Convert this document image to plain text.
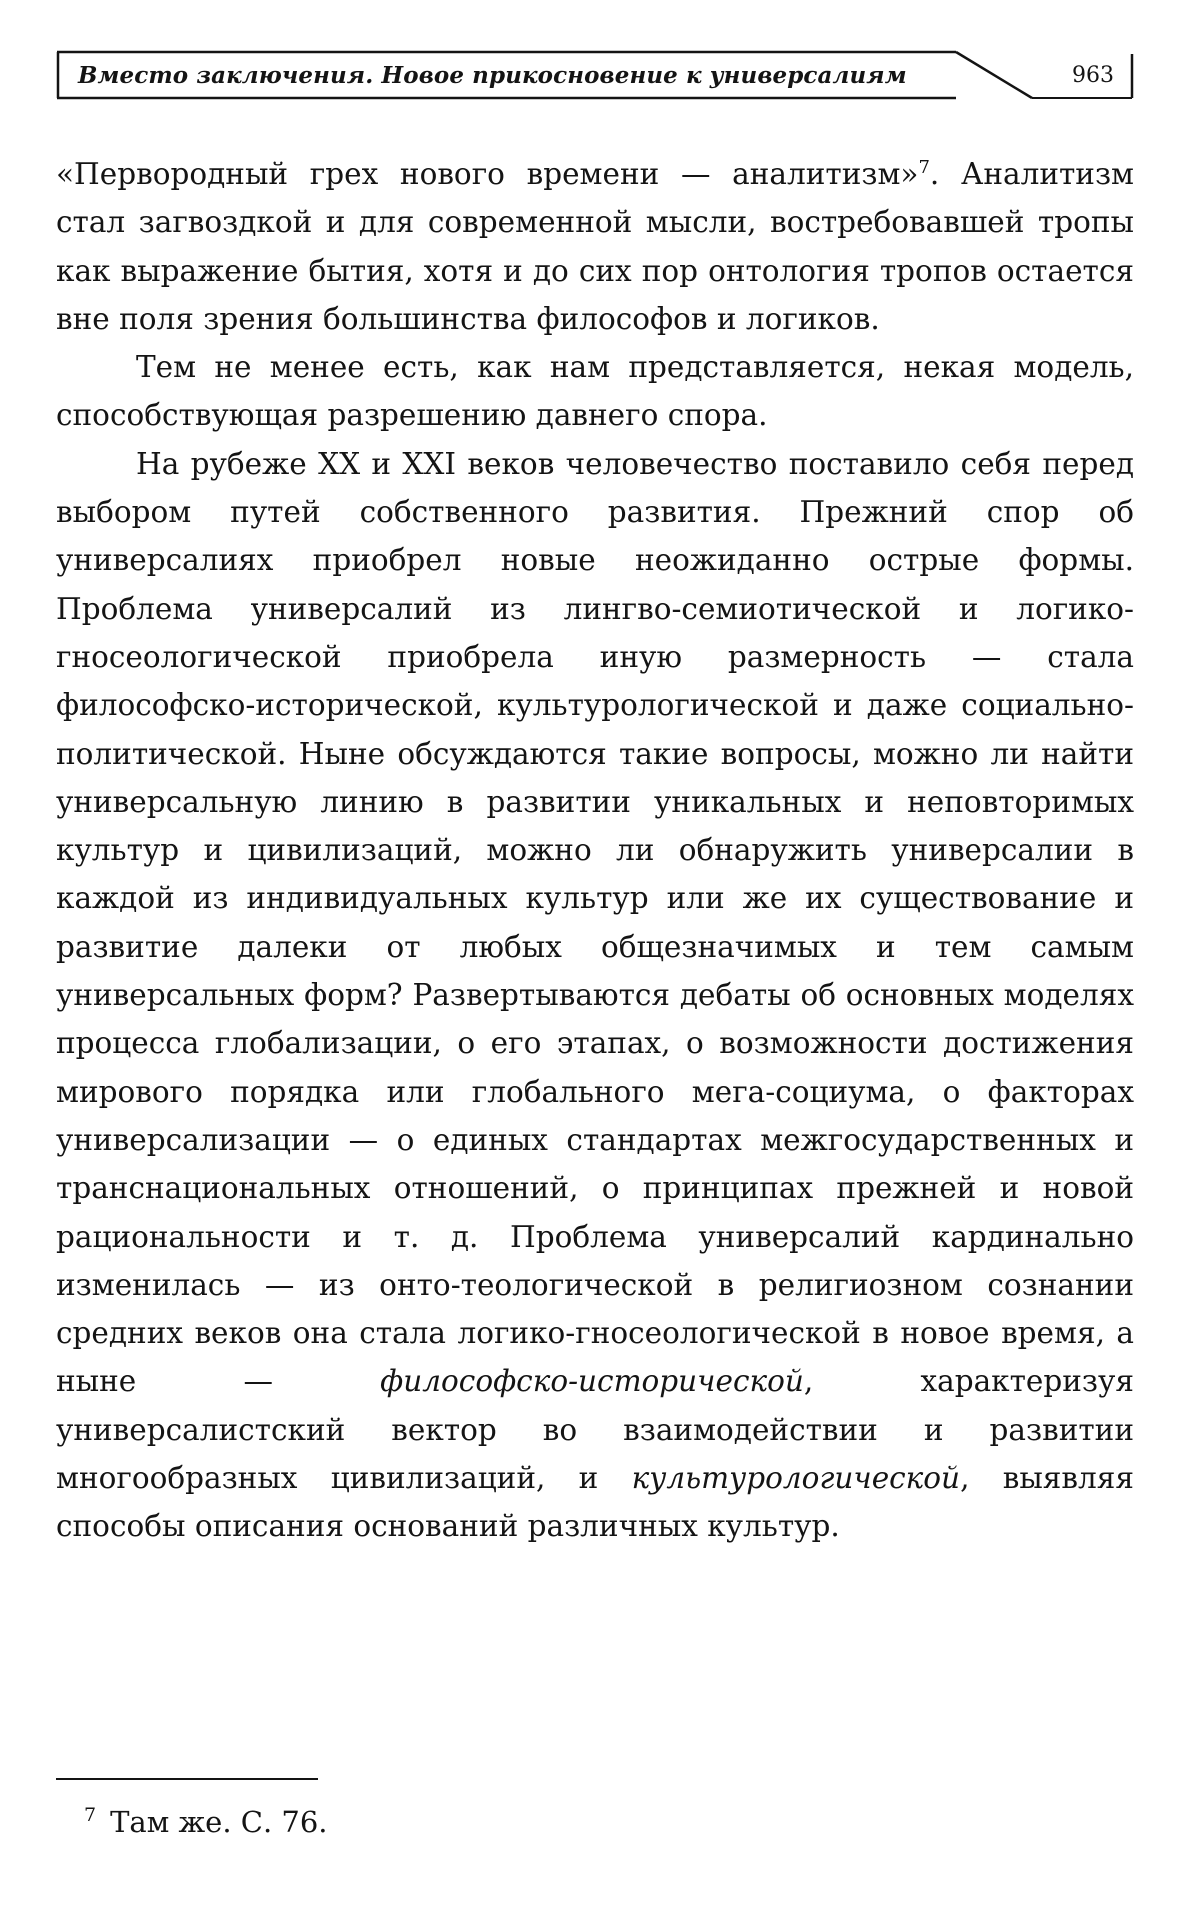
Вместо заключения. Новое прикосновение к универсалиям	963

«Первородный грех нового времени — аналитизм»$^7$. Аналитизм стал загвоздкой и для современной мысли, востребовавшей тропы как выражение бытия, хотя и до сих пор онтология тропов остается вне поля зрения большинства философов и логиков.

Тем не менее есть, как нам представляется, некая модель, способствующая разрешению давнего спора.

На рубеже XX и XXI веков человечество поставило себя перед выбором путей собственного развития. Прежний спор об универсалиях приобрел новые неожиданно острые формы. Проблема универсалий из лингво-семиотической и логико-гносеологической приобрела иную размерность — стала философско-исторической, культурологической и даже социально-политической. Ныне обсуждаются такие вопросы, можно ли найти универсальную линию в развитии уникальных и неповторимых культур и цивилизаций, можно ли обнаружить универсалии в каждой из индивидуальных культур или же их существование и развитие далеки от любых общезначимых и тем самым универсальных форм? Развертываются дебаты об основных моделях процесса глобализации, о его этапах, о возможности достижения мирового порядка или глобального мега-социума, о факторах универсализации — о единых стандартах межгосударственных и транснациональных отношений, о принципах прежней и новой рациональности и т. д. Проблема универсалий кардинально изменилась — из онто-теологической в религиозном сознании средних веков она стала логико-гносеологической в новое время, а ныне — философско-исторической, характеризуя универсалистский вектор во взаимодействии и развитии многообразных цивилизаций, и культурологической, выявляя способы описания оснований различных культур.

$^7$ Там же. С. 76.
